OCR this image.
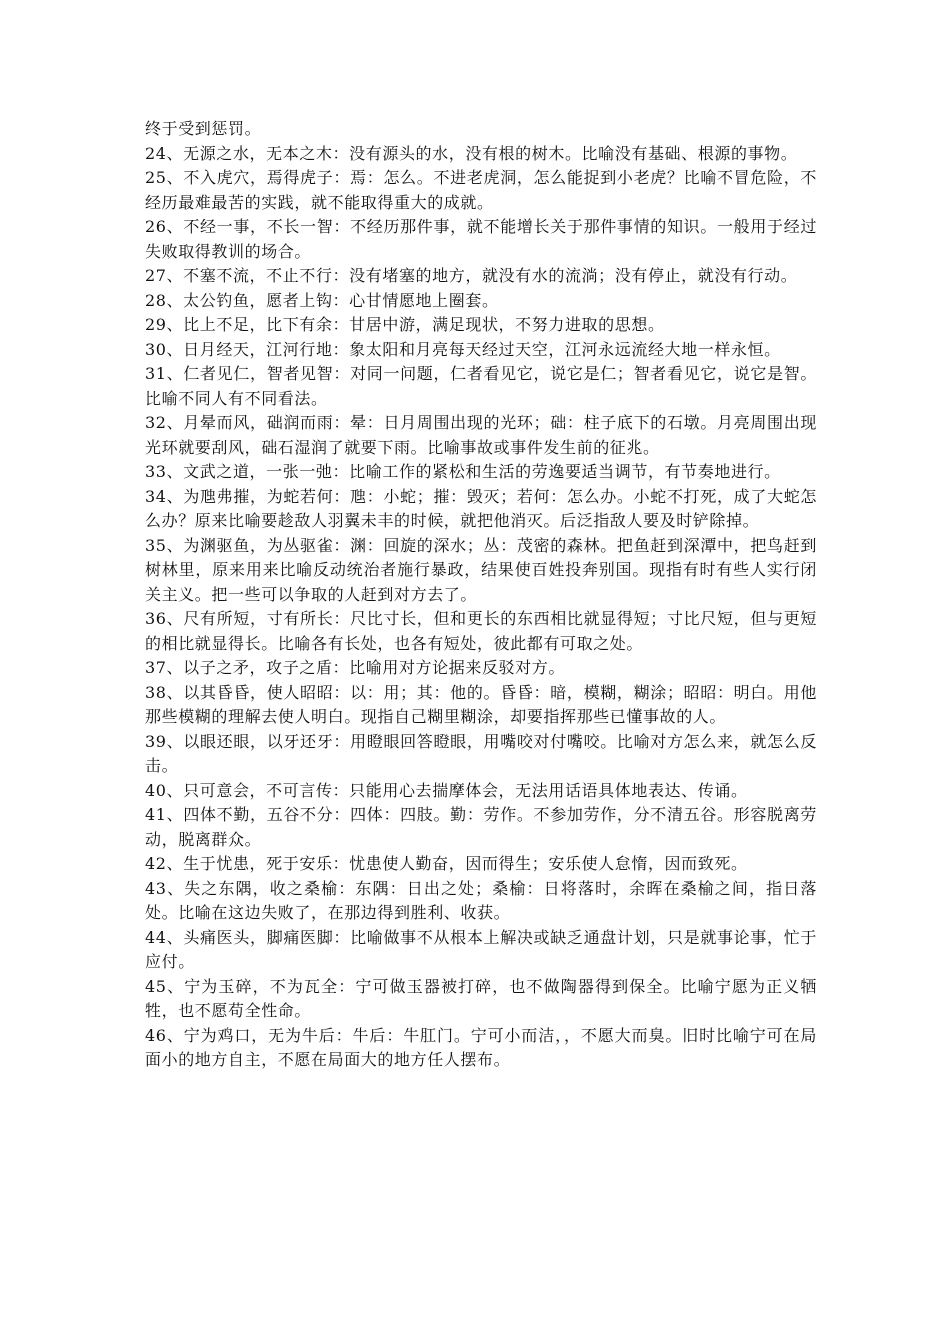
终于受到惩罚。

24、无源之水，无本之木：没有源头的水，没有根的树木。比喻没有基础、根源的事物。

25、不入虎穴，焉得虎子：焉：怎么。不进老虎洞，怎么能捉到小老虎？比喻不冒危险，不经历最难最苦的实践，就不能取得重大的成就。

26、不经一事，不长一智：不经历那件事，就不能增长关于那件事情的知识。一般用于经过失败取得教训的场合。

27、不塞不流，不止不行：没有堵塞的地方，就没有水的流淌；没有停止，就没有行动。

28、太公钓鱼，愿者上钩：心甘情愿地上圈套。

29、比上不足，比下有余：甘居中游，满足现状，不努力进取的思想。

30、日月经天，江河行地：象太阳和月亮每天经过天空，江河永远流经大地一样永恒。

31、仁者见仁，智者见智：对同一问题，仁者看见它，说它是仁；智者看见它，说它是智。比喻不同人有不同看法。

32、月晕而风，础润而雨：晕：日月周围出现的光环；础：柱子底下的石墩。月亮周围出现光环就要刮风，础石湿润了就要下雨。比喻事故或事件发生前的征兆。

33、文武之道，一张一弛：比喻工作的紧松和生活的劳逸要适当调节，有节奏地进行。

34、为虺弗摧，为蛇若何：虺：小蛇；摧：毁灭；若何：怎么办。小蛇不打死，成了大蛇怎么办？原来比喻要趁敌人羽翼未丰的时候，就把他消灭。后泛指敌人要及时铲除掉。

35、为渊驱鱼，为丛驱雀：渊：回旋的深水；丛：茂密的森林。把鱼赶到深潭中，把鸟赶到树林里，原来用来比喻反动统治者施行暴政，结果使百姓投奔别国。现指有时有些人实行闭关主义。把一些可以争取的人赶到对方去了。

36、尺有所短，寸有所长：尺比寸长，但和更长的东西相比就显得短；寸比尺短，但与更短的相比就显得长。比喻各有长处，也各有短处，彼此都有可取之处。

37、以子之矛，攻子之盾：比喻用对方论据来反驳对方。

38、以其昏昏，使人昭昭：以：用；其：他的。昏昏：暗，模糊，糊涂；昭昭：明白。用他那些模糊的理解去使人明白。现指自己糊里糊涂，却要指挥那些已懂事故的人。

39、以眼还眼，以牙还牙：用瞪眼回答瞪眼，用嘴咬对付嘴咬。比喻对方怎么来，就怎么反击。

40、只可意会，不可言传：只能用心去揣摩体会，无法用话语具体地表达、传诵。

41、四体不勤，五谷不分：四体：四肢。勤：劳作。不参加劳作，分不清五谷。形容脱离劳动，脱离群众。

42、生于忧患，死于安乐：忧患使人勤奋，因而得生；安乐使人怠惰，因而致死。

43、失之东隅，收之桑榆：东隅：日出之处；桑榆：日将落时，余晖在桑榆之间，指日落处。比喻在这边失败了，在那边得到胜利、收获。

44、头痛医头，脚痛医脚：比喻做事不从根本上解决或缺乏通盘计划，只是就事论事，忙于应付。

45、宁为玉碎，不为瓦全：宁可做玉器被打碎，也不做陶器得到保全。比喻宁愿为正义牺牲，也不愿苟全性命。

46、宁为鸡口，无为牛后：牛后：牛肛门。宁可小而洁，，不愿大而臭。旧时比喻宁可在局面小的地方自主，不愿在局面大的地方任人摆布。
